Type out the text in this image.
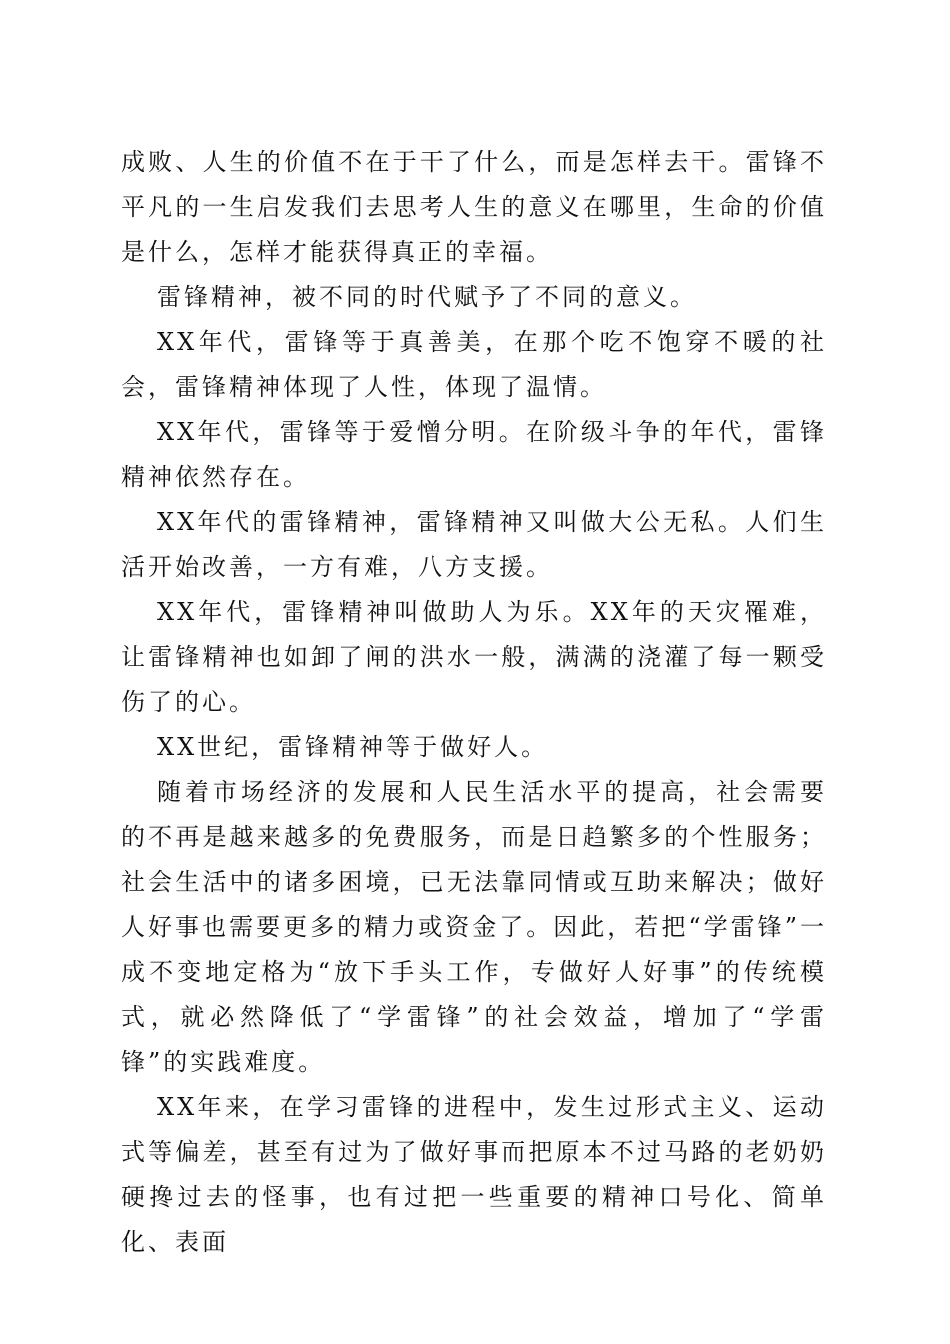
成败、人生的价值不在于干了什么，而是怎样去干。雷锋不平凡的一生启发我们去思考人生的意义在哪里，生命的价值是什么，怎样才能获得真正的幸福。

雷锋精神，被不同的时代赋予了不同的意义。

XX年代，雷锋等于真善美，在那个吃不饱穿不暖的社会，雷锋精神体现了人性，体现了温情。

XX年代，雷锋等于爱憎分明。在阶级斗争的年代，雷锋精神依然存在。

XX年代的雷锋精神，雷锋精神又叫做大公无私。人们生活开始改善，一方有难，八方支援。

XX年代，雷锋精神叫做助人为乐。XX年的天灾罹难，让雷锋精神也如卸了闸的洪水一般，满满的浇灌了每一颗受伤了的心。

XX世纪，雷锋精神等于做好人。

随着市场经济的发展和人民生活水平的提高，社会需要的不再是越来越多的免费服务，而是日趋繁多的个性服务；社会生活中的诸多困境，已无法靠同情或互助来解决；做好人好事也需要更多的精力或资金了。因此，若把“学雷锋”一成不变地定格为“放下手头工作，专做好人好事”的传统模式，就必然降低了“学雷锋”的社会效益，增加了“学雷锋”的实践难度。

XX年来，在学习雷锋的进程中，发生过形式主义、运动式等偏差，甚至有过为了做好事而把原本不过马路的老奶奶硬搀过去的怪事，也有过把一些重要的精神口号化、简单化、表面
